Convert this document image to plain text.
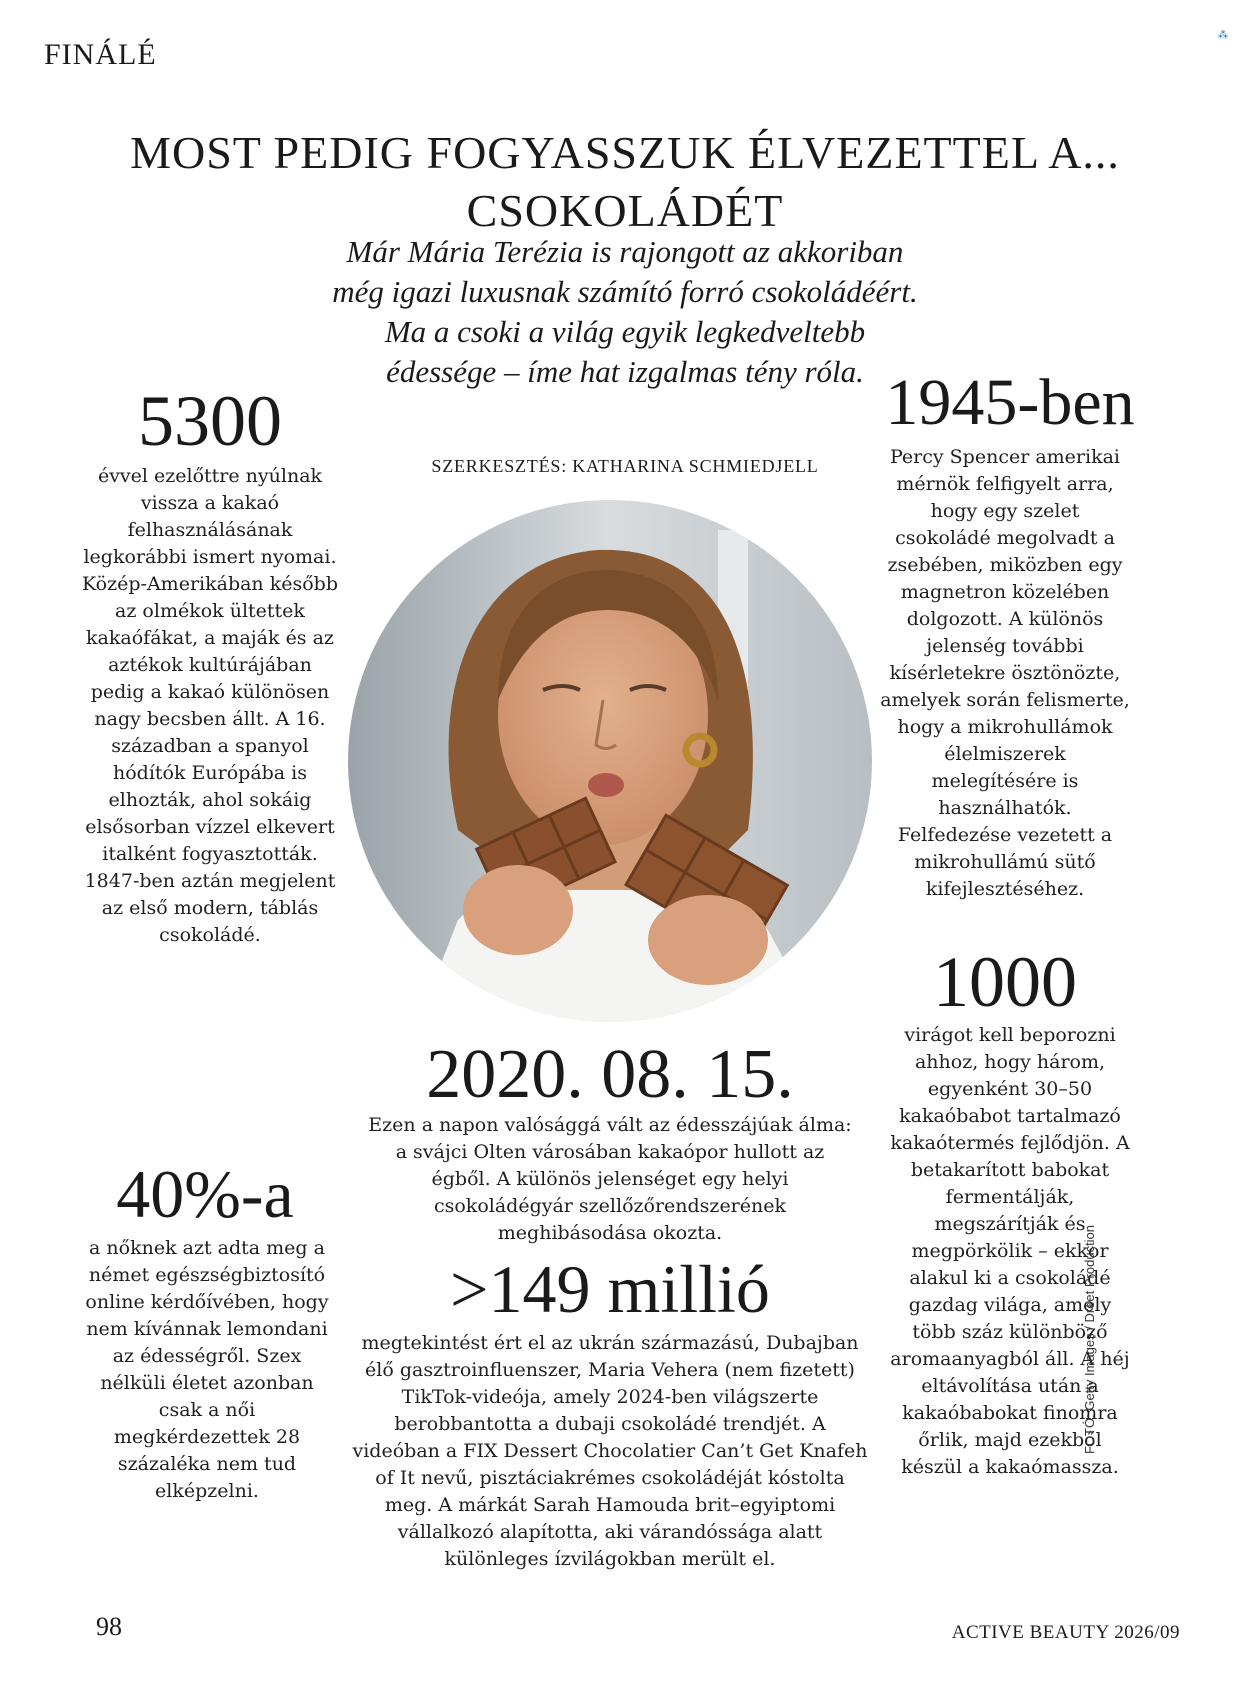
FINÁLÉ
⁂
MOST PEDIG FOGYASSZUK ÉLVEZETTEL A... CSOKOLÁDÉT

Már Mária Terézia is rajongott az akkoriban még igazi luxusnak számító forró csokoládéért. Ma a csoki a világ egyik legkedveltebb édessége – íme hat izgalmas tény róla.

SZERKESZTÉS: KATHARINA SCHMIEDJELL
5300

évvel ezelőttre nyúlnak vissza a kakaó felhasználásának legkorábbi ismert nyomai. Közép-Amerikában később az olmékok ültettek kakaófákat, a maják és az aztékok kultúrájában pedig a kakaó különösen nagy becsben állt. A 16. században a spanyol hódítók Európába is elhozták, ahol sokáig elsősorban vízzel elkevert italként fogyasztották. 1847-ben aztán megjelent az első modern, táblás csokoládé.

1945-ben

Percy Spencer amerikai mérnök felfigyelt arra, hogy egy szelet csokoládé megolvadt a zsebében, miközben egy magnetron közelében dolgozott. A különös jelenség további kísérletekre ösztönözte, amelyek során felismerte, hogy a mikrohullámok élelmiszerek melegítésére is használhatók. Felfedezése vezetett a mikrohullámú sütő kifejlesztéséhez.

2020. 08. 15.

Ezen a napon valósággá vált az édesszájúak álma: a svájci Olten városában kakaópor hullott az égből. A különös jelenséget egy helyi csokoládégyár szellőzőrendszerének meghibásodása okozta.

1000

virágot kell beporozni ahhoz, hogy három, egyenként 30–50 kakaóbabot tartalmazó kakaótermés fejlődjön. A betakarított babokat fermentálják, megszárítják és megpörkölik – ekkor alakul ki a csokoládé gazdag világa, amely több száz különböző aromaanyagból áll. A héj eltávolítása után a kakaóbabokat finomra őrlik, majd ezekből készül a kakaómassza.

40%-a

a nőknek azt adta meg a német egészségbiztosító online kérdőívében, hogy nem kívánnak lemondani az édességről. Szex nélküli életet azonban csak a női megkérdezettek 28 százaléka nem tud elképzelni.

>149 millió

megtekintést ért el az ukrán származású, Dubajban élő gasztroinfluenszer, Maria Vehera (nem fizetett) TikTok-videója, amely 2024-ben világszerte berobbantotta a dubaji csokoládé trendjét. A videóban a FIX Dessert Chocolatier Can’t Get Knafeh of It nevű, pisztáciakrémes csokoládéját kóstolta meg. A márkát Sarah Hamouda brit–egyiptomi vállalkozó alapította, aki várandóssága alatt különleges ízvilágokban merült el.

98	ACTIVE BEAUTY 2026/09
FOTÓ: Getty Images / Dreet Production
